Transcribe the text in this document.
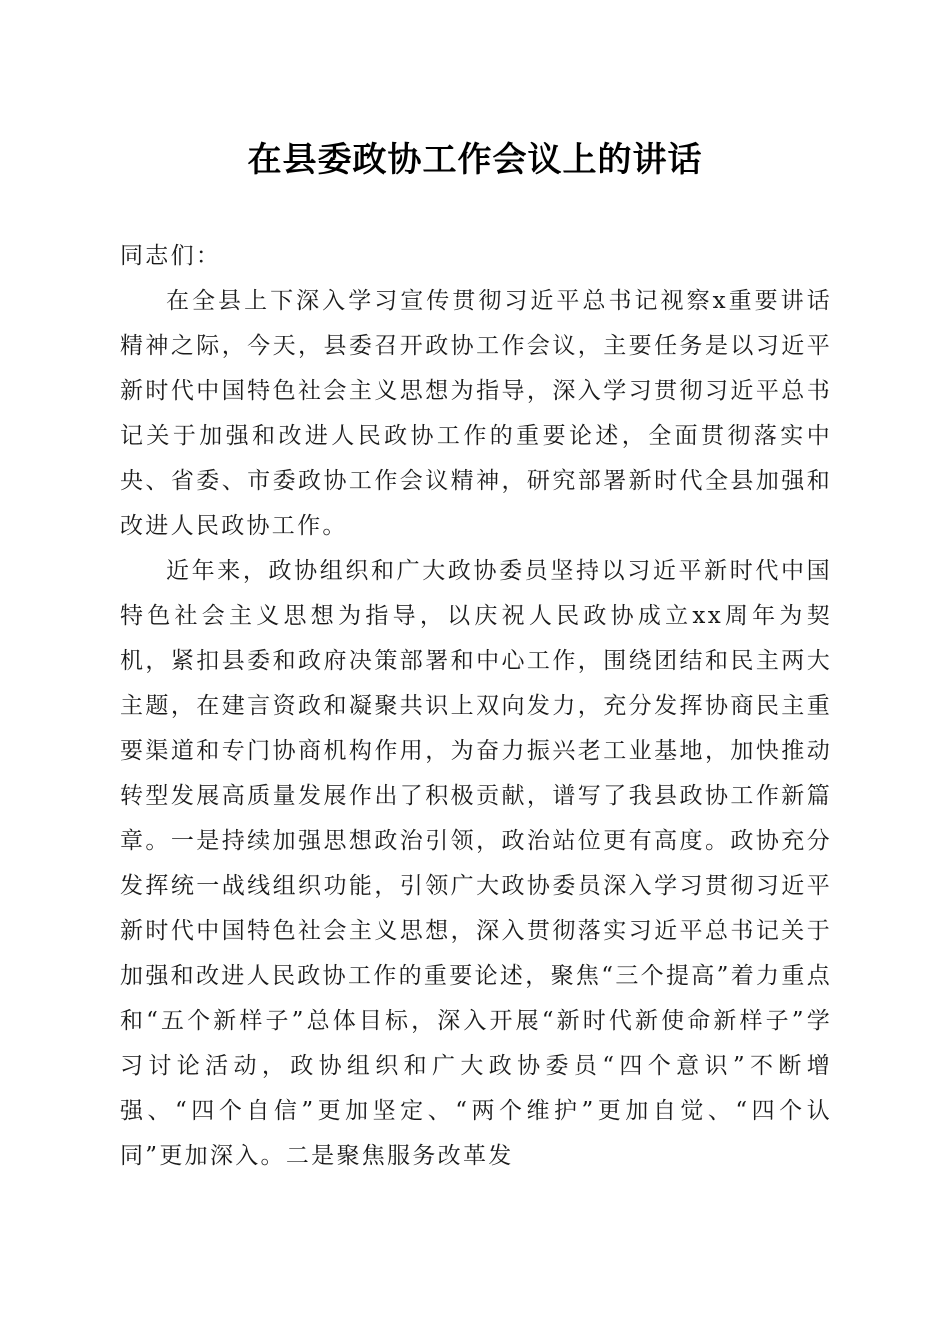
在县委政协工作会议上的讲话

同志们：

在全县上下深入学习宣传贯彻习近平总书记视察x重要讲话精神之际，今天，县委召开政协工作会议，主要任务是以习近平新时代中国特色社会主义思想为指导，深入学习贯彻习近平总书记关于加强和改进人民政协工作的重要论述，全面贯彻落实中央、省委、市委政协工作会议精神，研究部署新时代全县加强和改进人民政协工作。

近年来，政协组织和广大政协委员坚持以习近平新时代中国特色社会主义思想为指导，以庆祝人民政协成立xx周年为契机，紧扣县委和政府决策部署和中心工作，围绕团结和民主两大主题，在建言资政和凝聚共识上双向发力，充分发挥协商民主重要渠道和专门协商机构作用，为奋力振兴老工业基地，加快推动转型发展高质量发展作出了积极贡献，谱写了我县政协工作新篇章。一是持续加强思想政治引领，政治站位更有高度。政协充分发挥统一战线组织功能，引领广大政协委员深入学习贯彻习近平新时代中国特色社会主义思想，深入贯彻落实习近平总书记关于加强和改进人民政协工作的重要论述，聚焦“三个提高”着力重点和“五个新样子”总体目标，深入开展“新时代新使命新样子”学习讨论活动，政协组织和广大政协委员“四个意识”不断增强、“四个自信”更加坚定、“两个维护”更加自觉、“四个认同”更加深入。二是聚焦服务改革发
